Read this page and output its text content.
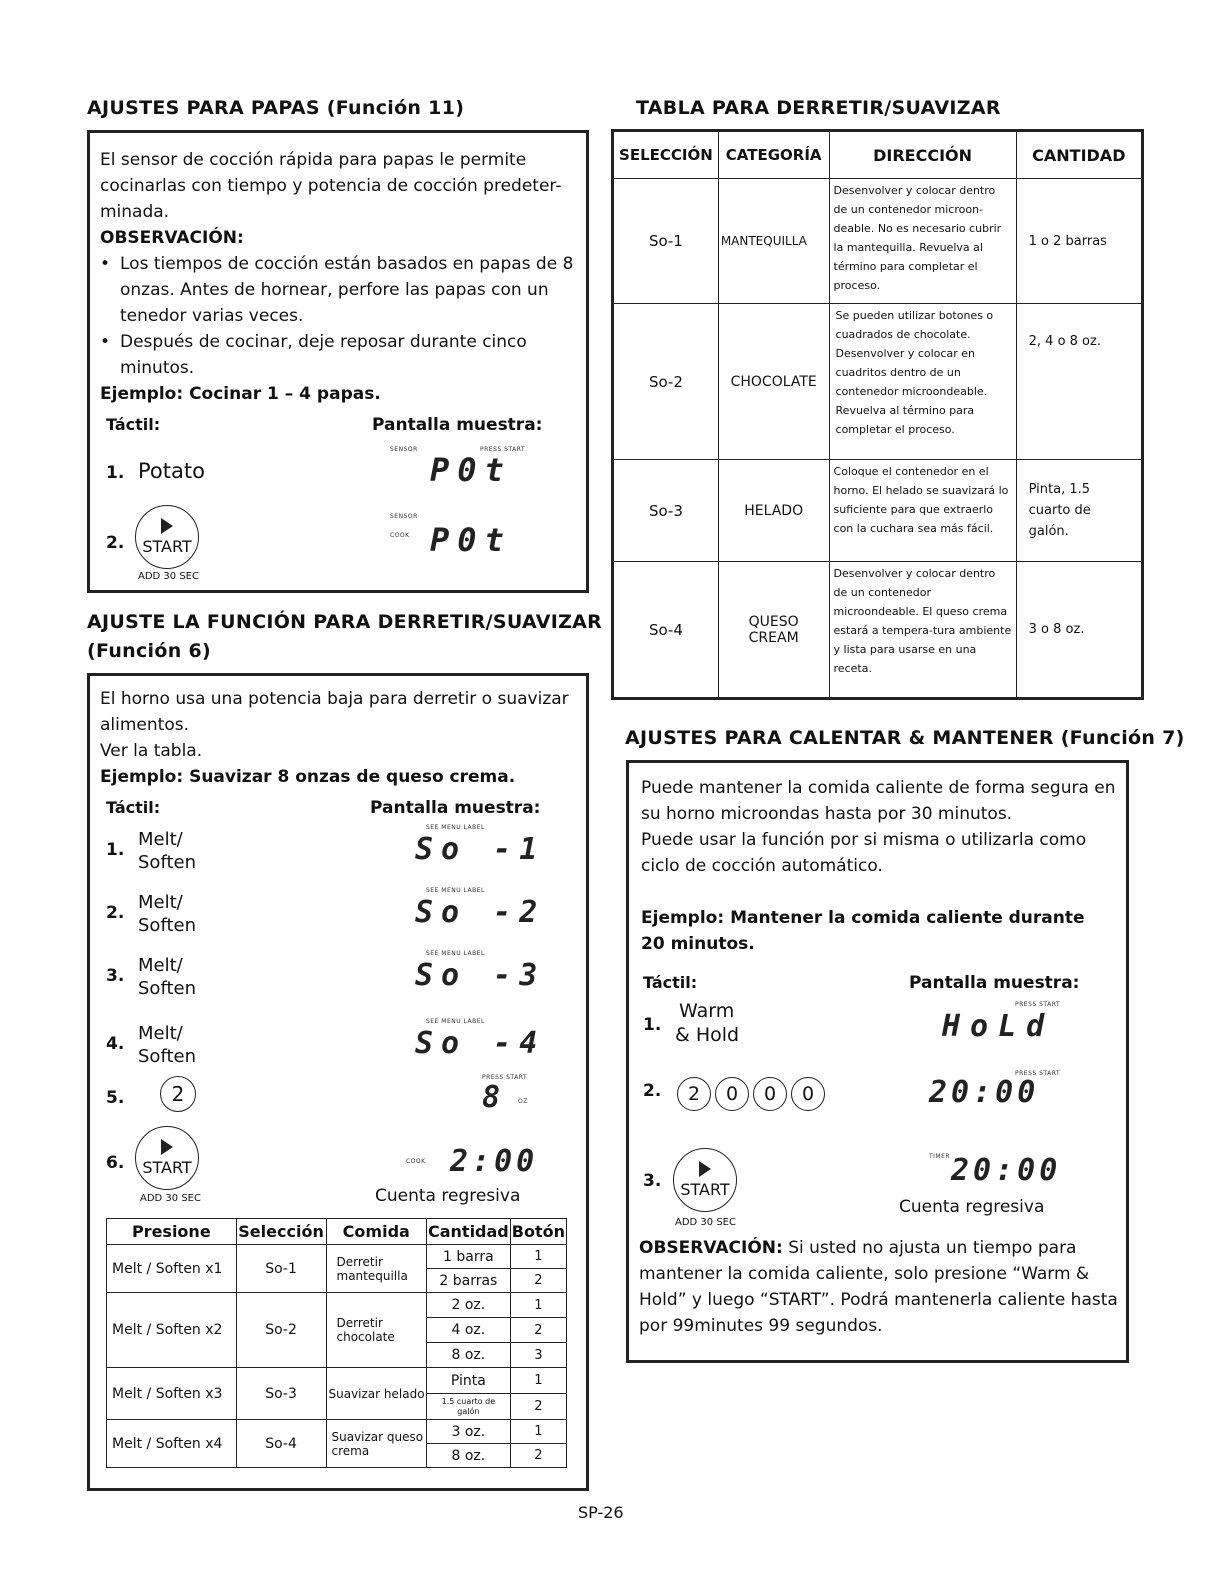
AJUSTES PARA PAPAS (Función 11)

El sensor de cocción rápida para papas le permite cocinarlas con tiempo y potencia de cocción predeter-minada.

OBSERVACIÓN:

• Los tiempos de cocción están basados en papas de 8 onzas. Antes de hornear, perfore las papas con un tenedor varias veces.
• Después de cocinar, deje reposar durante cinco minutos.

Ejemplo: Cocinar 1 – 4 papas.

Táctil:	Pantalla muestra:
1. Potato
SENSOR	PRESS START
P0t
2. START
ADD 30 SEC
SENSOR
COOK P0t
AJUSTE LA FUNCIÓN PARA DERRETIR/SUAVIZAR
(Función 6)

El horno usa una potencia baja para derretir o suavizar alimentos.

Ver la tabla.

Ejemplo: Suavizar 8 onzas de queso crema.

Táctil:	Pantalla muestra:
1. Melt/
Soften
SEE MENU LABEL
So -1
2. Melt/
Soften
SEE MENU LABEL
So -2
3. Melt/
Soften
SEE MENU LABEL
So -3
4. Melt/
Soften
SEE MENU LABEL
So -4
5.	2
PRESS START
8 OZ
6. START
ADD 30 SEC
COOK 2:00
Cuenta regresiva
Presione	Selección	Comida	Cantidad	Botón
Melt / Soften x1	So-1	Derretir mantequilla	1 barra	1
			2 barras	2
Melt / Soften x2	So-2	Derretir chocolate	2 oz.	1
			4 oz.	2
			8 oz.	3
Melt / Soften x3	So-3	Suavizar helado	Pinta	1
			1.5 cuarto de galón	2
Melt / Soften x4	So-4	Suavizar queso crema	3 oz.	1
			8 oz.	2
TABLA PARA DERRETIR/SUAVIZAR
SELECCIÓN	CATEGORÍA	DIRECCIÓN	CANTIDAD
So-1	MANTEQUILLA	Desenvolver y colocar dentro de un contenedor microon-deable. No es necesario cubrir la mantequilla. Revuelva al término para completar el proceso.	1 o 2 barras
So-2	CHOCOLATE	Se pueden utilizar botones o cuadrados de chocolate. Desenvolver y colocar en cuadritos dentro de un contenedor microondeable. Revuelva al término para completar el proceso.	2, 4 o 8 oz.
So-3	HELADO	Coloque el contenedor en el horno. El helado se suavizará lo suficiente para que extraerlo con la cuchara sea más fácil.	Pinta, 1.5 cuarto de galón.
So-4	QUESO CREAM	Desenvolver y colocar dentro de un contenedor microondeable. El queso crema estará a tempera-tura ambiente y lista para usarse en una receta.	3 o 8 oz.
AJUSTES PARA CALENTAR & MANTENER (Función 7)

Puede mantener la comida caliente de forma segura en su horno microondas hasta por 30 minutos.

Puede usar la función por si misma o utilizarla como ciclo de cocción automático.

Ejemplo: Mantener la comida caliente durante 20 minutos.
Táctil:	Pantalla muestra:
1.
Warm
& Hold
PRESS START
HoLd
2.	2	0	0	0
PRESS START
20:00
3. START
ADD 30 SEC
TIMER 20:00
Cuenta regresiva
OBSERVACIÓN: Si usted no ajusta un tiempo para mantener la comida caliente, solo presione “Warm & Hold” y luego “START”. Podrá mantenerla caliente hasta por 99minutes 99 segundos.
SP-26
